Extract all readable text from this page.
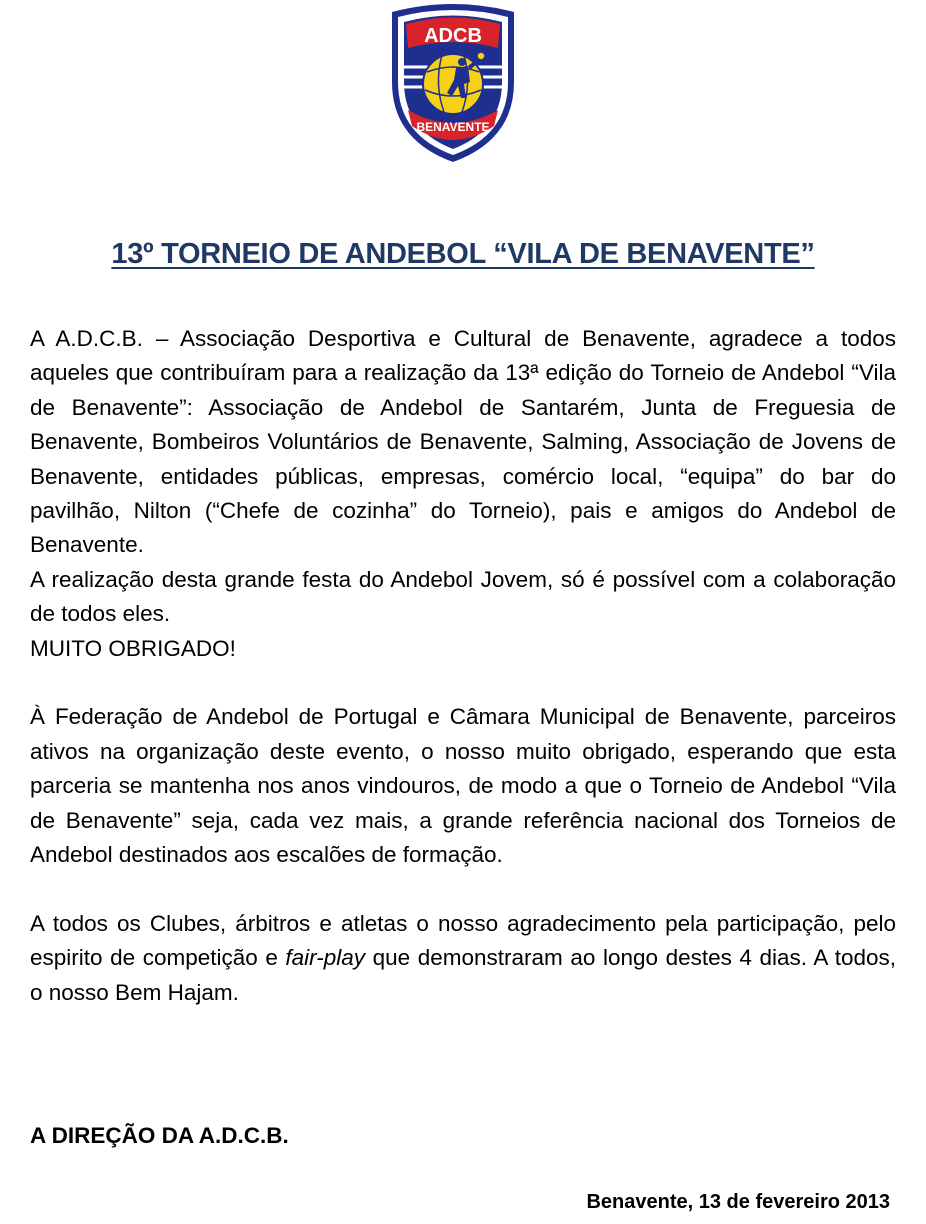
ADCB
BENAVENTE
13º TORNEIO DE ANDEBOL “VILA DE BENAVENTE”

A A.D.C.B. – Associação Desportiva e Cultural de Benavente, agradece a todos aqueles que contribuíram para a realização da 13ª edição do Torneio de Andebol “Vila de Benavente”: Associação de Andebol de Santarém, Junta de Freguesia de Benavente, Bombeiros Voluntários de Benavente, Salming, Associação de Jovens de Benavente, entidades públicas, empresas, comércio local, “equipa” do bar do pavilhão, Nilton (“Chefe de cozinha” do Torneio), pais e amigos do Andebol de Benavente.

A realização desta grande festa do Andebol Jovem, só é possível com a colaboração de todos eles.

MUITO OBRIGADO!

À Federação de Andebol de Portugal e Câmara Municipal de Benavente, parceiros ativos na organização deste evento, o nosso muito obrigado, esperando que esta parceria se mantenha nos anos vindouros, de modo a que o Torneio de Andebol “Vila de Benavente” seja, cada vez mais, a grande referência nacional dos Torneios de Andebol destinados aos escalões de formação.

A todos os Clubes, árbitros e atletas o nosso agradecimento pela participação, pelo espirito de competição e fair-play que demonstraram ao longo destes 4 dias. A todos, o nosso Bem Hajam.

A DIREÇÃO DA A.D.C.B.
Benavente, 13 de fevereiro 2013
